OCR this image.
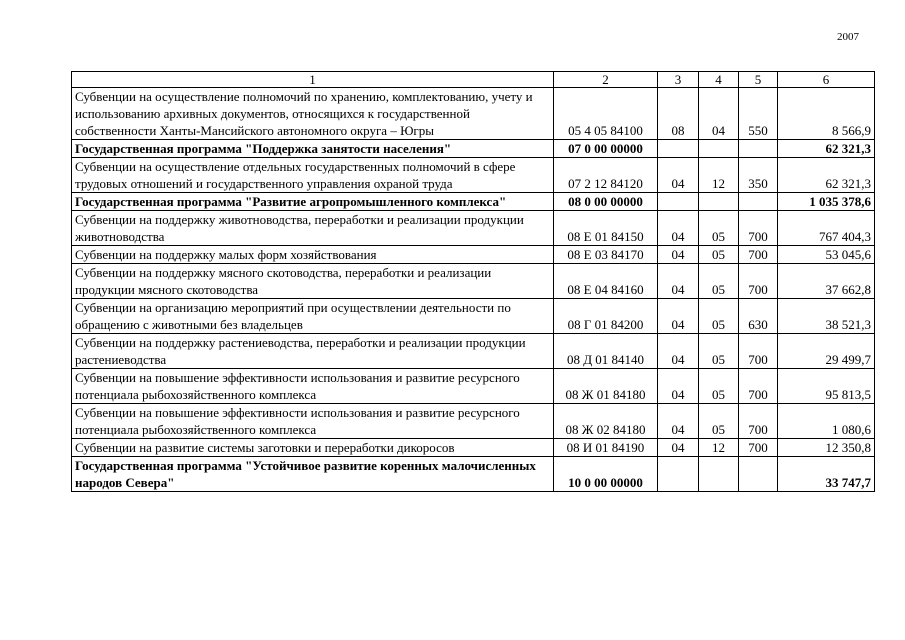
2007
1	2	3	4	5	6
Субвенции на осуществление полномочий по хранению, комплектованию, учету и использованию архивных документов, относящихся к государственной собственности Ханты-Мансийского автономного округа – Югры	05 4 05 84100	08	04	550	8 566,9
Государственная программа "Поддержка занятости населения"	07 0 00 00000				62 321,3
Субвенции на осуществление отдельных государственных полномочий в сфере трудовых отношений и государственного управления охраной труда	07 2 12 84120	04	12	350	62 321,3
Государственная программа "Развитие агропромышленного комплекса"	08 0 00 00000				1 035 378,6
Субвенции на поддержку животноводства, переработки и реализации продукции животноводства	08 Е 01 84150	04	05	700	767 404,3
Субвенции на поддержку малых форм хозяйствования	08 Е 03 84170	04	05	700	53 045,6
Субвенции на поддержку мясного скотоводства, переработки и реализации продукции мясного скотоводства	08 Е 04 84160	04	05	700	37 662,8
Субвенции на организацию мероприятий при осуществлении деятельности по обращению с животными без владельцев	08 Г 01 84200	04	05	630	38 521,3
Субвенции на поддержку растениеводства, переработки и реализации продукции растениеводства	08 Д 01 84140	04	05	700	29 499,7
Субвенции на повышение эффективности использования и развитие ресурсного потенциала рыбохозяйственного комплекса	08 Ж 01 84180	04	05	700	95 813,5
Субвенции на повышение эффективности использования и развитие ресурсного потенциала рыбохозяйственного комплекса	08 Ж 02 84180	04	05	700	1 080,6
Субвенции на развитие системы заготовки и переработки дикоросов	08 И 01 84190	04	12	700	12 350,8
Государственная программа "Устойчивое развитие коренных малочисленных народов Севера"	10 0 00 00000				33 747,7
